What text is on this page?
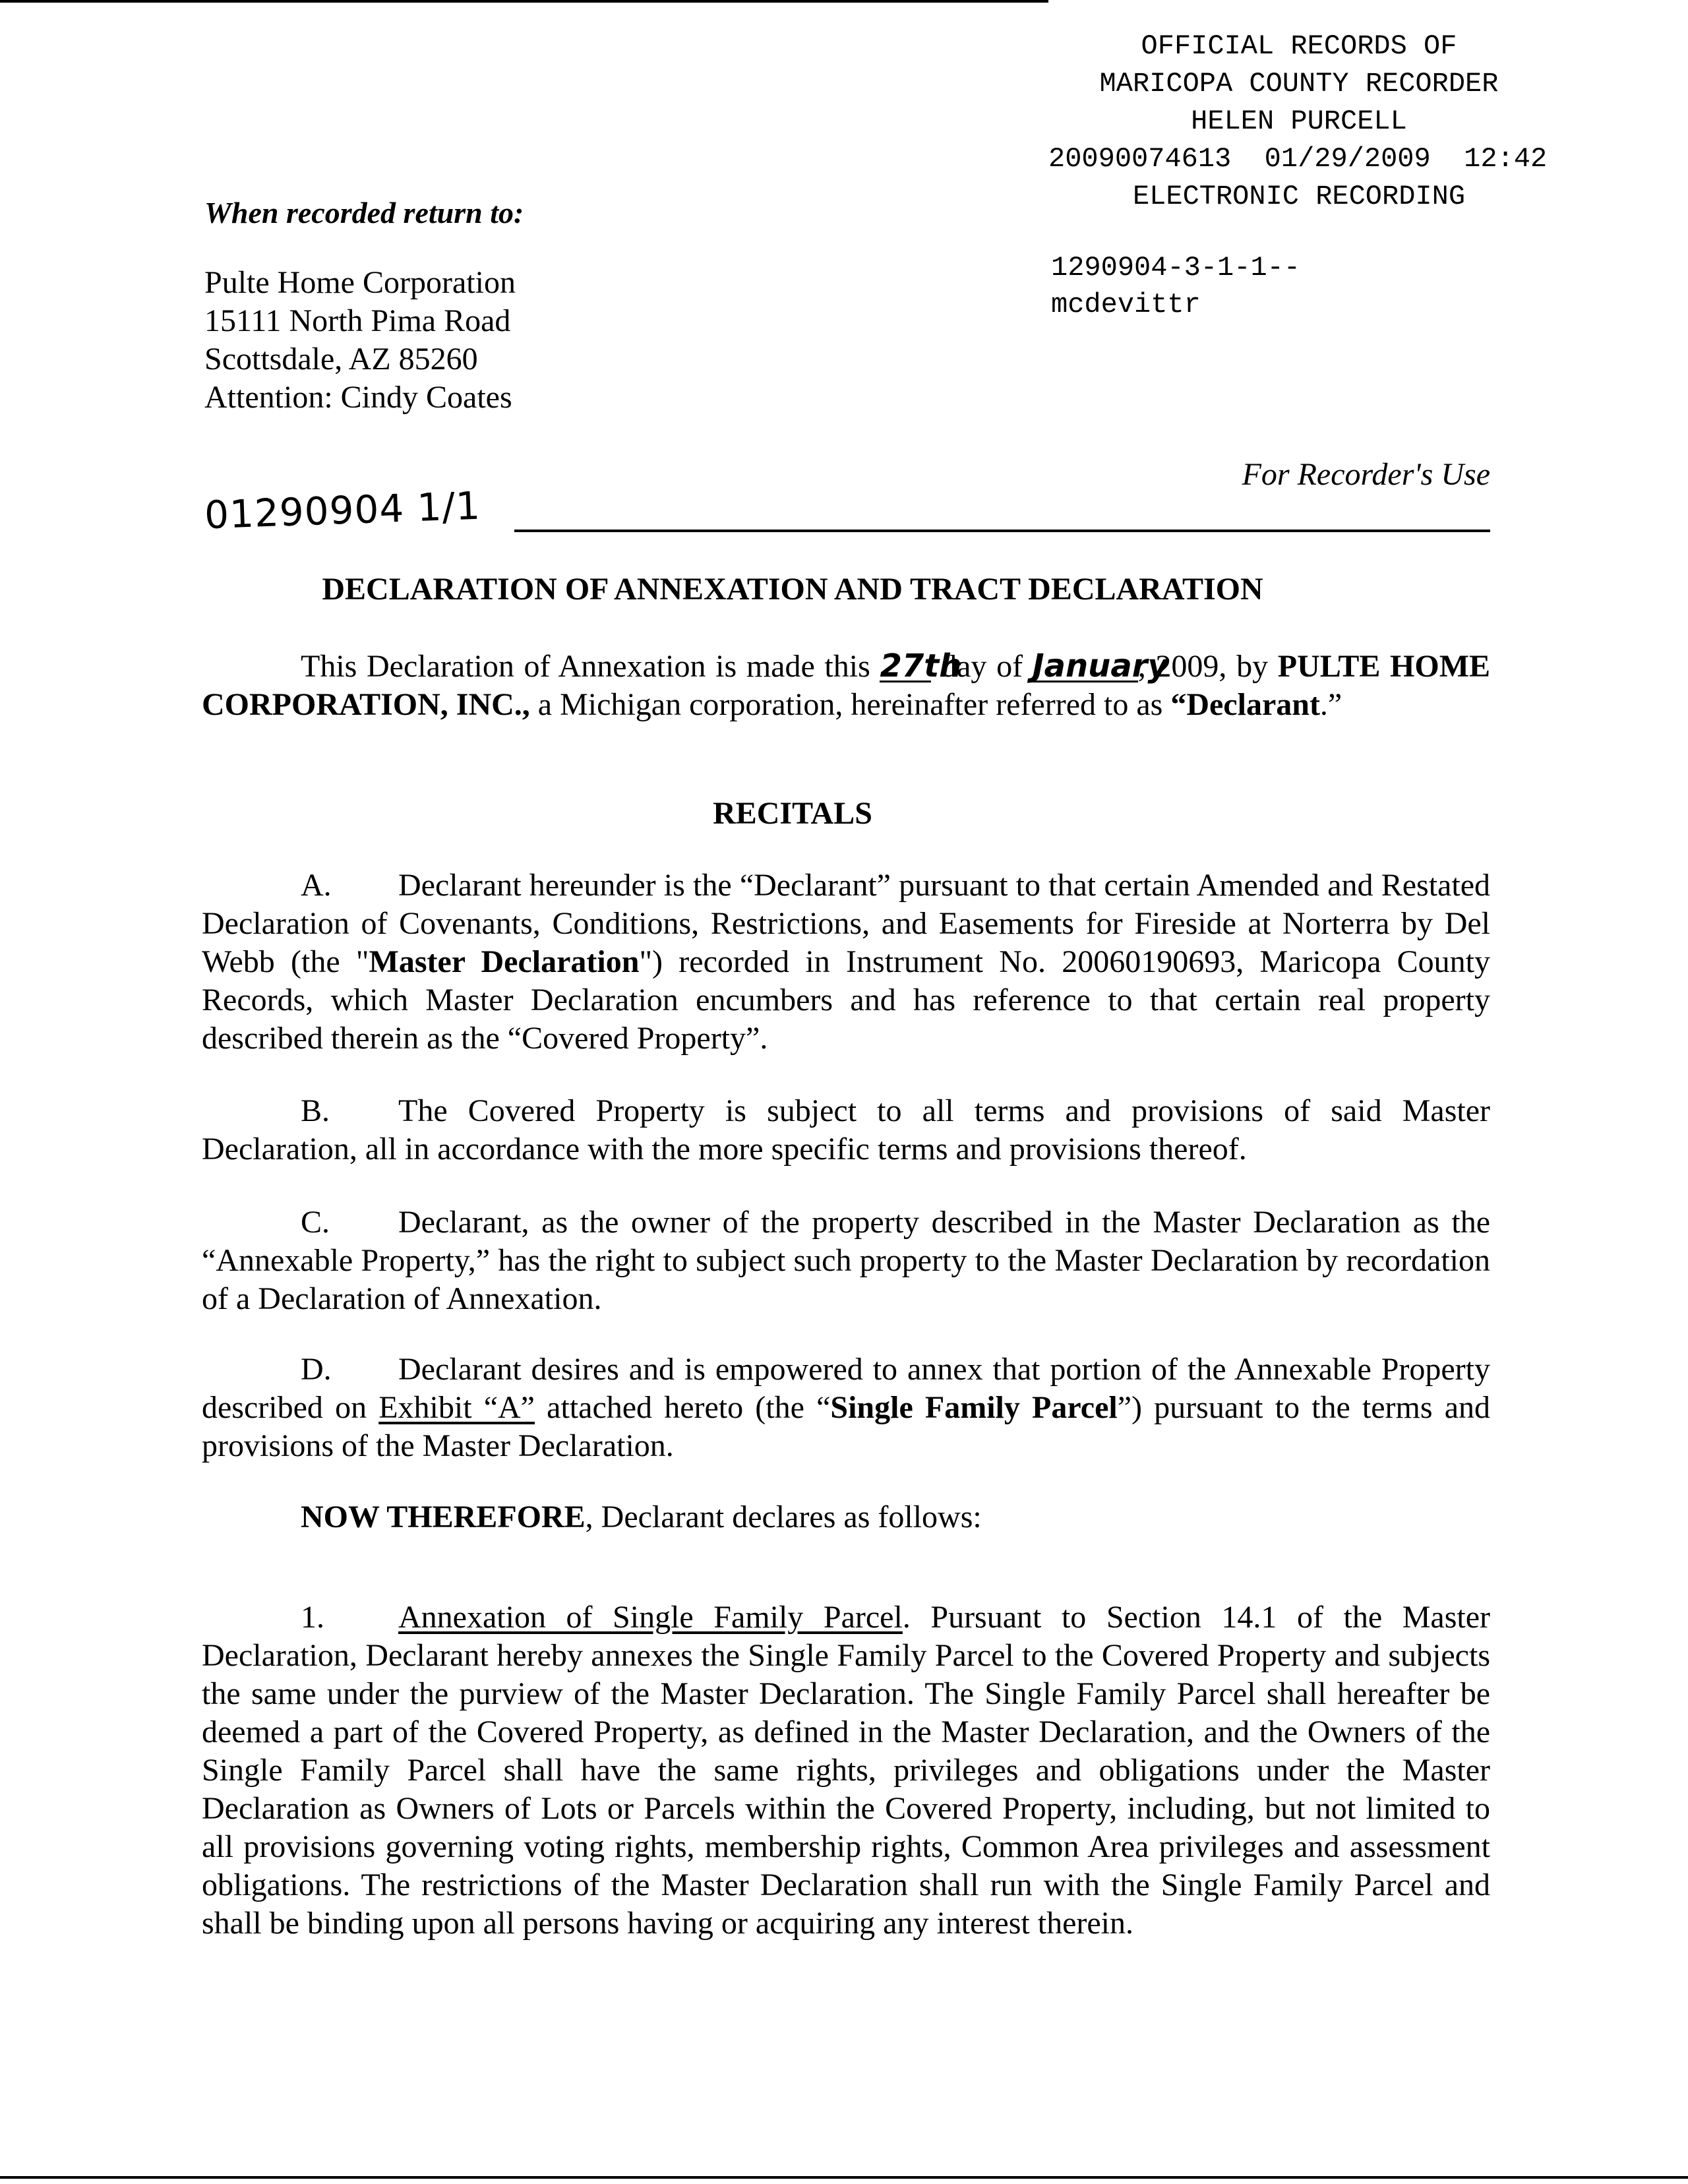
OFFICIAL RECORDS OF
MARICOPA COUNTY RECORDER
HELEN PURCELL
20090074613 01/29/2009 12:42
ELECTRONIC RECORDING
1290904-3-1-1--
mcdevittr
When recorded return to:
Pulte Home Corporation
15111 North Pima Road
Scottsdale, AZ 85260
Attention: Cindy Coates
01290904 1/1
For Recorder's Use
DECLARATION OF ANNEXATION AND TRACT DECLARATION
This Declaration of Annexation is made this 27th day of January, 2009, by PULTE HOME CORPORATION, INC., a Michigan corporation, hereinafter referred to as “Declarant.”
RECITALS
A. Declarant hereunder is the “Declarant” pursuant to that certain Amended and Restated Declaration of Covenants, Conditions, Restrictions, and Easements for Fireside at Norterra by Del Webb (the "Master Declaration") recorded in Instrument No. 20060190693, Maricopa County Records, which Master Declaration encumbers and has reference to that certain real property described therein as the “Covered Property”.
B. The Covered Property is subject to all terms and provisions of said Master Declaration, all in accordance with the more specific terms and provisions thereof.
C. Declarant, as the owner of the property described in the Master Declaration as the “Annexable Property,” has the right to subject such property to the Master Declaration by recordation of a Declaration of Annexation.
D. Declarant desires and is empowered to annex that portion of the Annexable Property described on Exhibit “A” attached hereto (the “Single Family Parcel”) pursuant to the terms and provisions of the Master Declaration.
NOW THEREFORE, Declarant declares as follows:
1. Annexation of Single Family Parcel. Pursuant to Section 14.1 of the Master Declaration, Declarant hereby annexes the Single Family Parcel to the Covered Property and subjects the same under the purview of the Master Declaration. The Single Family Parcel shall hereafter be deemed a part of the Covered Property, as defined in the Master Declaration, and the Owners of the Single Family Parcel shall have the same rights, privileges and obligations under the Master Declaration as Owners of Lots or Parcels within the Covered Property, including, but not limited to all provisions governing voting rights, membership rights, Common Area privileges and assessment obligations. The restrictions of the Master Declaration shall run with the Single Family Parcel and shall be binding upon all persons having or acquiring any interest therein.
